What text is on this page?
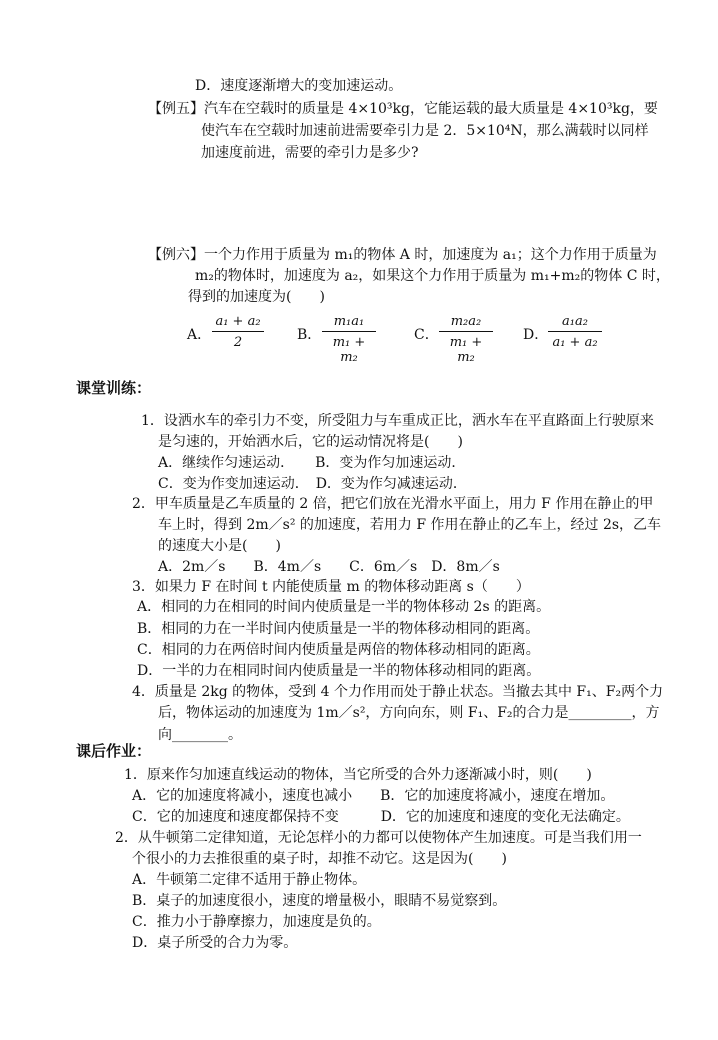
D．速度逐渐增大的变加速运动。
【例五】汽车在空载时的质量是 4×10³kg，它能运载的最大质量是 4×10³kg，要
使汽车在空载时加速前进需要牵引力是 2．5×10⁴N，那么满载时以同样
加速度前进，需要的牵引力是多少?
【例六】一个力作用于质量为 m₁的物体 A 时，加速度为 a₁；这个力作用于质量为
m₂的物体时，加速度为 a₂，如果这个力作用于质量为 m₁+m₂的物体 C 时，
得到的加速度为(　　)
1．设洒水车的牵引力不变，所受阻力与车重成正比，洒水车在平直路面上行驶原来
是匀速的，开始洒水后，它的运动情况将是(　　)
A．继续作匀速运动．　　B．变为作匀加速运动．
C．变为作变加速运动．　D．变为作匀减速运动．
2．甲车质量是乙车质量的 2 倍，把它们放在光滑水平面上，用力 F 作用在静止的甲
车上时，得到 2m／s² 的加速度，若用力 F 作用在静止的乙车上，经过 2s，乙车
的速度大小是(　　)
A．2m／s　　B．4m／s　　C．6m／s　D．8m／s
3．如果力 F 在时间 t 内能使质量 m 的物体移动距离 s（　　）
A．相同的力在相同的时间内使质量是一半的物体移动 2s 的距离。
B．相同的力在一半时间内使质量是一半的物体移动相同的距离。
C．相同的力在两倍时间内使质量是两倍的物体移动相同的距离。
D．一半的力在相同时间内使质量是一半的物体移动相同的距离。
4．质量是 2kg 的物体，受到 4 个力作用而处于静止状态。当撤去其中 F₁、F₂两个力
后，物体运动的加速度为 1m／s²，方向向东，则 F₁、F₂的合力是_________，方
向________。
1．原来作匀加速直线运动的物体，当它所受的合外力逐渐减小时，则(　　)
A．它的加速度将减小，速度也减小　　B．它的加速度将减小，速度在增加。
C．它的加速度和速度都保持不变　　　D．它的加速度和速度的变化无法确定。
2．从牛顿第二定律知道，无论怎样小的力都可以使物体产生加速度。可是当我们用一
个很小的力去推很重的桌子时，却推不动它。这是因为(　　)
A．牛顿第二定律不适用于静止物体。
B．桌子的加速度很小，速度的增量极小，眼睛不易觉察到。
C．推力小于静摩擦力，加速度是负的。
D．桌子所受的合力为零。
课堂训练：
课后作业：
A． $\frac{\text{a₁ + a₂}}{2}$ B． $\frac{\text{m₁a₁}}{\text{m₁ + m₂}}$	C． $\frac{\text{m₂a₂}}{\text{m₁ + m₂}}$ D． $\frac{\text{a₁a₂}}{\text{a₁ + a₂}}$
